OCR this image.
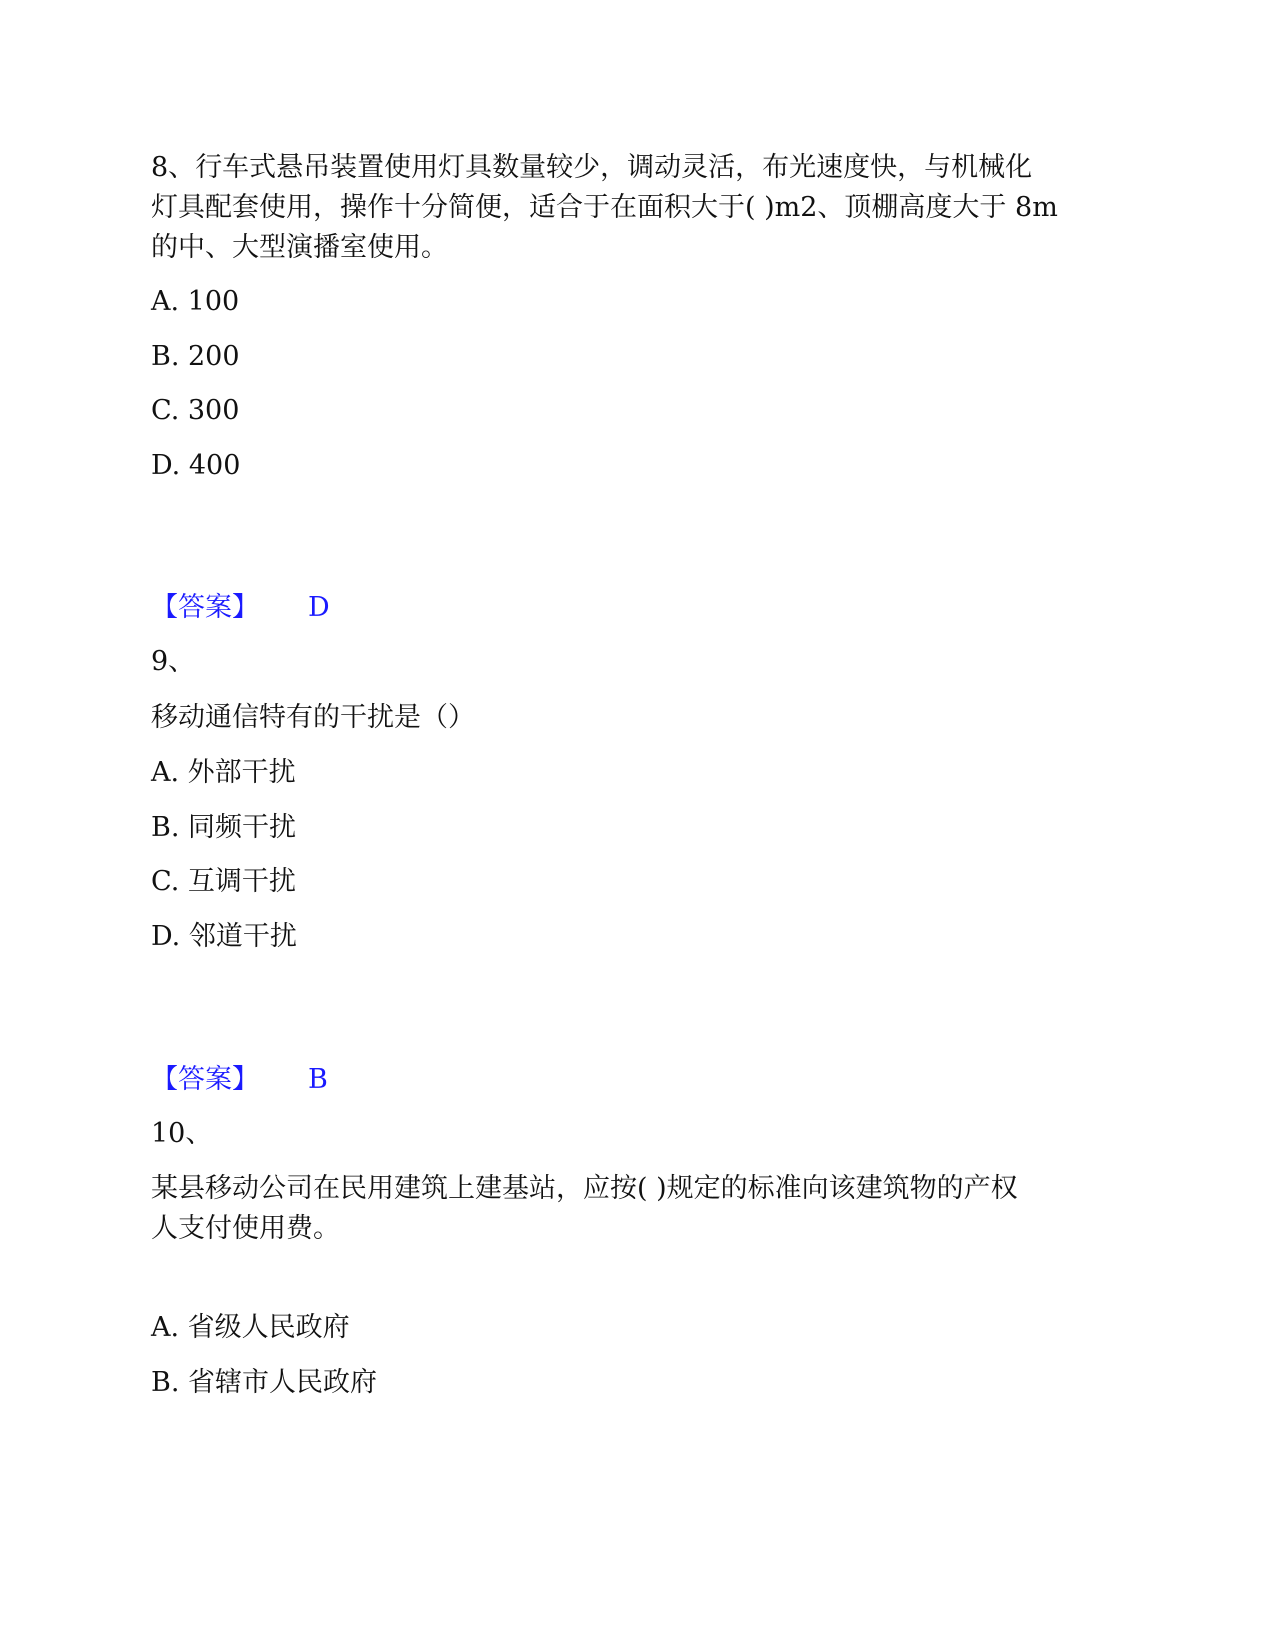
8、行车式悬吊装置使用灯具数量较少，调动灵活，布光速度快，与机械化
灯具配套使用，操作十分简便，适合于在面积大于( )m2、顶棚高度大于 8m
的中、大型演播室使用。
A. 100
B. 200
C. 300
D. 400
【答案】 D
9、
移动通信特有的干扰是（）
A. 外部干扰
B. 同频干扰
C. 互调干扰
D. 邻道干扰
【答案】 B
10、
某县移动公司在民用建筑上建基站，应按( )规定的标准向该建筑物的产权
人支付使用费。
A. 省级人民政府
B. 省辖市人民政府
